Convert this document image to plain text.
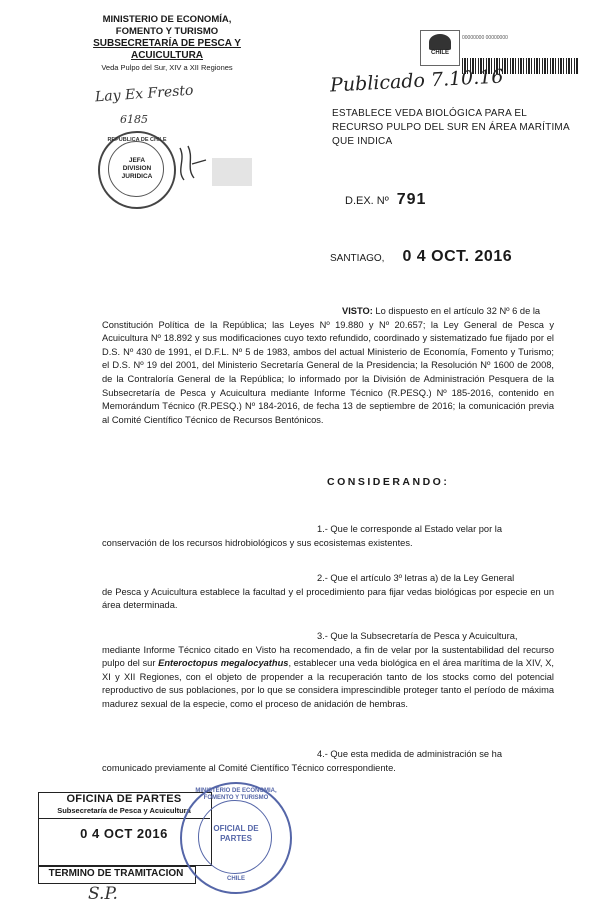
MINISTERIO DE ECONOMÍA,
FOMENTO Y TURISMO
SUBSECRETARÍA DE PESCA Y ACUICULTURA
Veda Pulpo del Sur, XIV a XII Regiones
Lay Ex Fresto
6185
REPUBLICA DE CHILE
JEFA DIVISION JURIDICA
00000000 00000000
CHILE
Publicado 7.10.16
ESTABLECE VEDA BIOLÓGICA PARA EL RECURSO PULPO DEL SUR EN ÁREA MARÍTIMA QUE INDICA
D.EX. Nº 791
SANTIAGO, 0 4 OCT. 2016
VISTO: Lo dispuesto en el artículo 32 Nº 6 de la
Constitución Política de la República; las Leyes Nº 19.880 y Nº 20.657; la Ley General de Pesca y Acuicultura Nº 18.892 y sus modificaciones cuyo texto refundido, coordinado y sistematizado fue fijado por el D.S. Nº 430 de 1991, el D.F.L. Nº 5 de 1983, ambos del actual Ministerio de Economía, Fomento y Turismo; el D.S. Nº 19 del 2001, del Ministerio Secretaría General de la Presidencia; la Resolución Nº 1600 de 2008, de la Contraloría General de la República; lo informado por la División de Administración Pesquera de la Subsecretaría de Pesca y Acuicultura mediante Informe Técnico (R.PESQ.) Nº 185-2016, contenido en Memorándum Técnico (R.PESQ.) Nº 184-2016, de fecha 13 de septiembre de 2016; la comunicación previa al Comité Científico Técnico de Recursos Bentónicos.
CONSIDERANDO:
1.- Que le corresponde al Estado velar por la
conservación de los recursos hidrobiológicos y sus ecosistemas existentes.
2.- Que el artículo 3º letras a) de la Ley General
de Pesca y Acuicultura establece la facultad y el procedimiento para fijar vedas biológicas por especie en un área determinada.
3.- Que la Subsecretaría de Pesca y Acuicultura,
mediante Informe Técnico citado en Visto ha recomendado, a fin de velar por la sustentabilidad del recurso pulpo del sur Enteroctopus megalocyathus, establecer una veda biológica en el área marítima de la XIV, X, XI y XII Regiones, con el objeto de propender a la recuperación tanto de los stocks como del potencial reproductivo de sus poblaciones, por lo que se considera imprescindible proteger tanto el período de máxima madurez sexual de la especie, como el proceso de anidación de hembras.
4.- Que esta medida de administración se ha
comunicado previamente al Comité Científico Técnico correspondiente.
OFICINA DE PARTES
Subsecretaría de Pesca y Acuicultura
0 4 OCT 2016
TERMINO DE TRAMITACION
MINISTERIO DE ECONOMIA, FOMENTO Y TURISMO
OFICIAL DE PARTES
CHILE
S.P.
